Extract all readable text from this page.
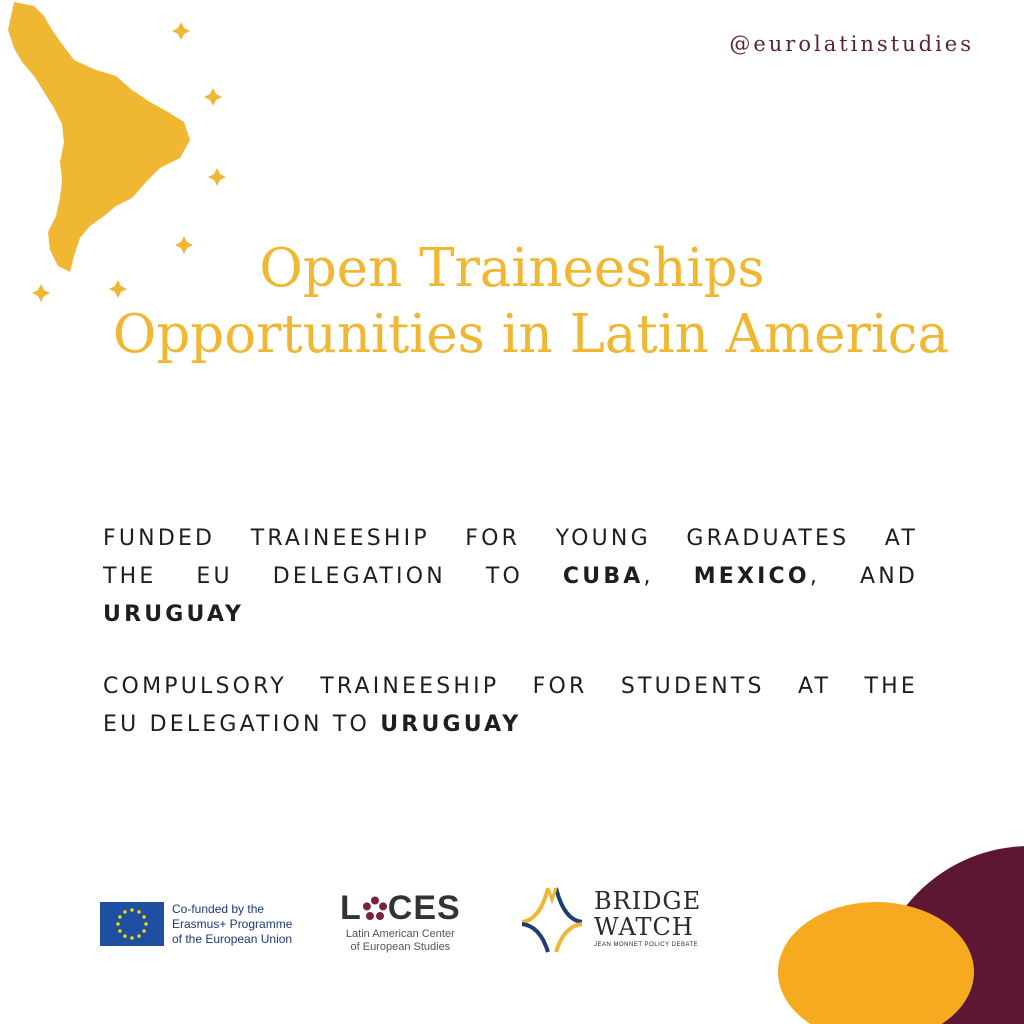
@eurolatinstudies
Open Traineeships
Opportunities in Latin America
FUNDED TRAINEESHIP FOR YOUNG GRADUATES AT
THE EU DELEGATION TO CUBA, MEXICO, AND
URUGUAY
COMPULSORY TRAINEESHIP FOR STUDENTS AT THE
EU DELEGATION TO URUGUAY
Co-funded by the
Erasmus+ Programme
of the European Union
L CES
Latin American Center
of European Studies
BRIDGE
WATCH
JEAN MONNET POLICY DEBATE
